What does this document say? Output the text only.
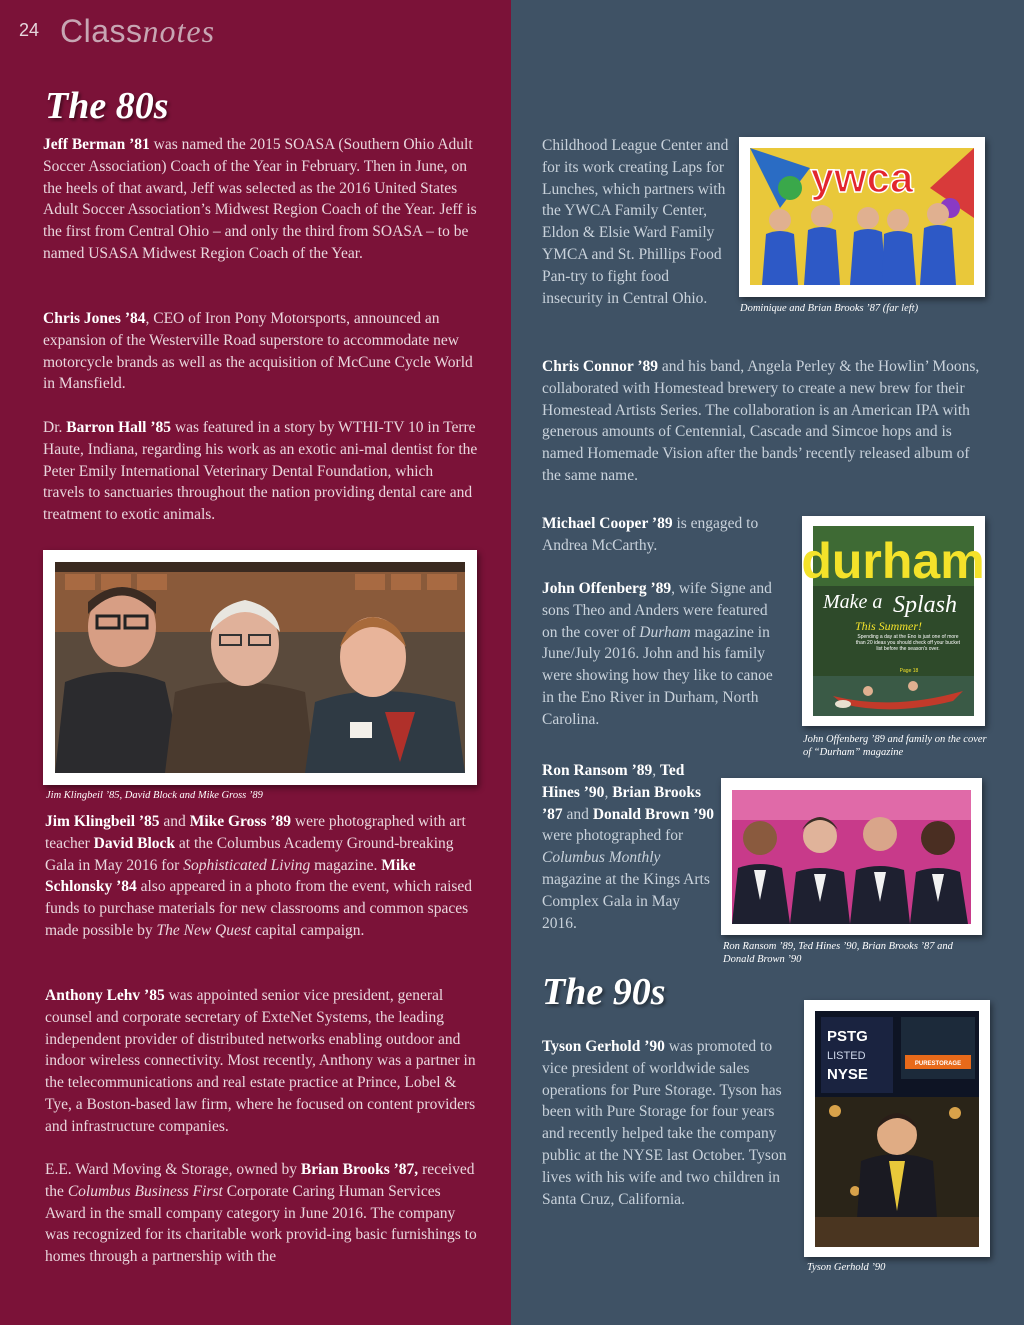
24 Classnotes
The 80s

Jeff Berman ’81 was named the 2015 SOASA (Southern Ohio Adult Soccer Association) Coach of the Year in February. Then in June, on the heels of that award, Jeff was selected as the 2016 United States Adult Soccer Association’s Midwest Region Coach of the Year. Jeff is the first from Central Ohio – and only the third from SOASA – to be named USASA Midwest Region Coach of the Year.

Chris Jones ’84, CEO of Iron Pony Motorsports, announced an expansion of the Westerville Road superstore to accommodate new motorcycle brands as well as the acquisition of McCune Cycle World in Mansfield.

Dr. Barron Hall ’85 was featured in a story by WTHI-TV 10 in Terre Haute, Indiana, regarding his work as an exotic ani-mal dentist for the Peter Emily International Veterinary Dental Foundation, which travels to sanctuaries throughout the nation providing dental care and treatment to exotic animals.

Jim Klingbeil ’85, David Block and Mike Gross ’89

Jim Klingbeil ’85 and Mike Gross ’89 were photographed with art teacher David Block at the Columbus Academy Ground-breaking Gala in May 2016 for Sophisticated Living magazine. Mike Schlonsky ’84 also appeared in a photo from the event, which raised funds to purchase materials for new classrooms and common spaces made possible by The New Quest capital campaign.

Anthony Lehv ’85 was appointed senior vice president, general counsel and corporate secretary of ExteNet Systems, the leading independent provider of distributed networks enabling outdoor and indoor wireless connectivity. Most recently, Anthony was a partner in the telecommunications and real estate practice at Prince, Lobel & Tye, a Boston-based law firm, where he focused on content providers and infrastructure companies.

E.E. Ward Moving & Storage, owned by Brian Brooks ’87, received the Columbus Business First Corporate Caring Human Services Award in the small company category in June 2016. The company was recognized for its charitable work provid-ing basic furnishings to homes through a partnership with the

Childhood League Center and for its work creating Laps for Lunches, which partners with the YWCA Family Center, Eldon & Elsie Ward Family YMCA and St. Phillips Food Pan-try to fight food insecurity in Central Ohio.

ywca

Dominique and Brian Brooks ’87 (far left)

Chris Connor ’89 and his band, Angela Perley & the Howlin’ Moons, collaborated with Homestead brewery to create a new brew for their Homestead Artists Series. The collaboration is an American IPA with generous amounts of Centennial, Cascade and Simcoe hops and is named Homemade Vision after the bands’ recently released album of the same name.

Michael Cooper ’89 is engaged to Andrea McCarthy.

John Offenberg ’89, wife Signe and sons Theo and Anders were featured on the cover of Durham magazine in June/July 2016. John and his family were showing how they like to canoe in the Eno River in Durham, North Carolina.

durham
Make a Splash
This Summer!
Spending a day at the Eno is just one of more than 20 ideas you should check off your bucket list before the season's over.
Page 18

John Offenberg ’89 and family on the cover of “Durham” magazine

Ron Ransom ’89, Ted Hines ’90, Brian Brooks ’87 and Donald Brown ’90 were photographed for Columbus Monthly magazine at the Kings Arts Complex Gala in May 2016.

Ron Ransom ’89, Ted Hines ’90, Brian Brooks ’87 and Donald Brown ’90

The 90s

Tyson Gerhold ’90 was promoted to vice president of worldwide sales operations for Pure Storage. Tyson has been with Pure Storage for four years and recently helped take the company public at the NYSE last October. Tyson lives with his wife and two children in Santa Cruz, California.

PSTG
LISTED
NYSE
PURESTORAGE

Tyson Gerhold ’90
